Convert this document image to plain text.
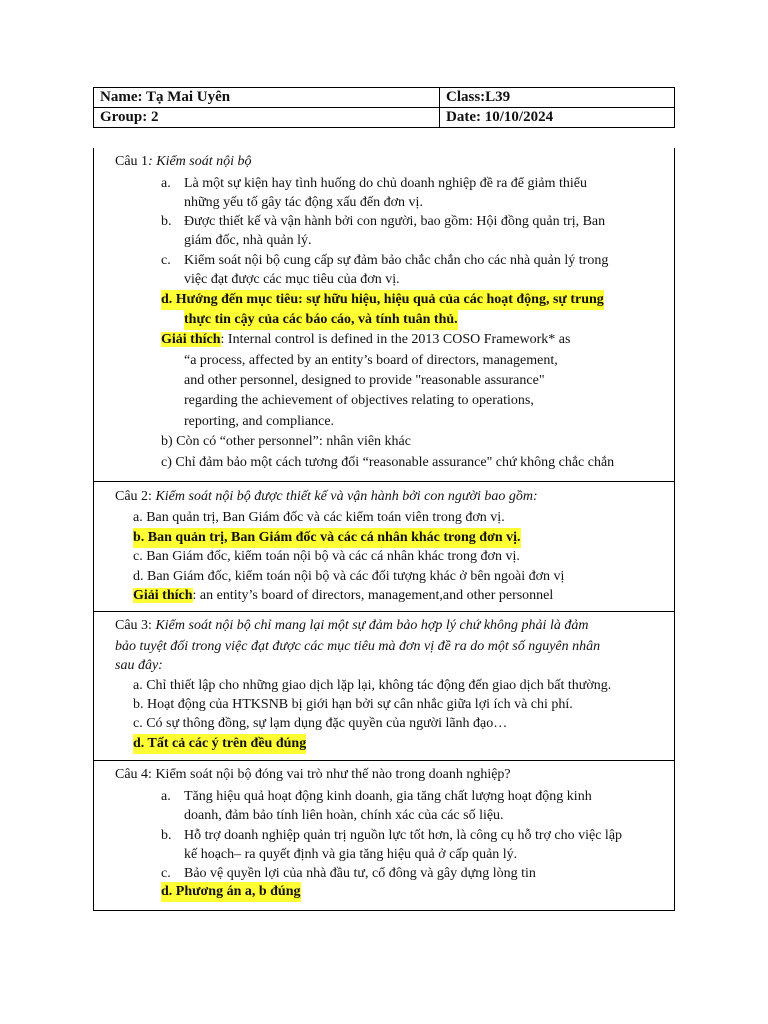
Name: Tạ Mai Uyên	Class:L39
Group: 2	Date: 10/10/2024
Câu 1: Kiểm soát nội bộ
a. Là một sự kiện hay tình huống do chủ doanh nghiệp đề ra để giảm thiểu
những yếu tố gây tác động xấu đến đơn vị.
b. Được thiết kế và vận hành bởi con người, bao gồm: Hội đồng quản trị, Ban
giám đốc, nhà quản lý.
c. Kiểm soát nội bộ cung cấp sự đảm bảo chắc chắn cho các nhà quản lý trong
việc đạt được các mục tiêu của đơn vị.
d. Hướng đến mục tiêu: sự hữu hiệu, hiệu quả của các hoạt động, sự trung
thực tin cậy của các báo cáo, và tính tuân thủ.
Giải thích: Internal control is defined in the 2013 COSO Framework* as
“a process, affected by an entity’s board of directors, management,
and other personnel, designed to provide "reasonable assurance"
regarding the achievement of objectives relating to operations,
reporting, and compliance.
b) Còn có “other personnel”: nhân viên khác
c) Chỉ đảm bảo một cách tương đối “reasonable assurance" chứ không chắc chắn
Câu 2: Kiểm soát nội bộ được thiết kế và vận hành bởi con người bao gồm:
a. Ban quản trị, Ban Giám đốc và các kiểm toán viên trong đơn vị.
b. Ban quản trị, Ban Giám đốc và các cá nhân khác trong đơn vị.
c. Ban Giám đốc, kiểm toán nội bộ và các cá nhân khác trong đơn vị.
d. Ban Giám đốc, kiểm toán nội bộ và các đối tượng khác ở bên ngoài đơn vị
Giải thích: an entity’s board of directors, management,and other personnel
Câu 3: Kiểm soát nội bộ chỉ mang lại một sự đảm bảo hợp lý chứ không phải là đảm
bảo tuyệt đối trong việc đạt được các mục tiêu mà đơn vị đề ra do một số nguyên nhân
sau đây:
a. Chỉ thiết lập cho những giao dịch lặp lại, không tác động đến giao dịch bất thường.
b. Hoạt động của HTKSNB bị giới hạn bởi sự cân nhắc giữa lợi ích và chi phí.
c. Có sự thông đồng, sự lạm dụng đặc quyền của người lãnh đạo…
d. Tất cả các ý trên đều đúng
Câu 4: Kiểm soát nội bộ đóng vai trò như thế nào trong doanh nghiệp?
a. Tăng hiệu quả hoạt động kinh doanh, gia tăng chất lượng hoạt động kinh
doanh, đảm bảo tính liên hoàn, chính xác của các số liệu.
b. Hỗ trợ doanh nghiệp quản trị nguồn lực tốt hơn, là công cụ hỗ trợ cho việc lập
kế hoạch– ra quyết định và gia tăng hiệu quả ở cấp quản lý.
c. Bảo vệ quyền lợi của nhà đầu tư, cổ đông và gây dựng lòng tin
d. Phương án a, b đúng
